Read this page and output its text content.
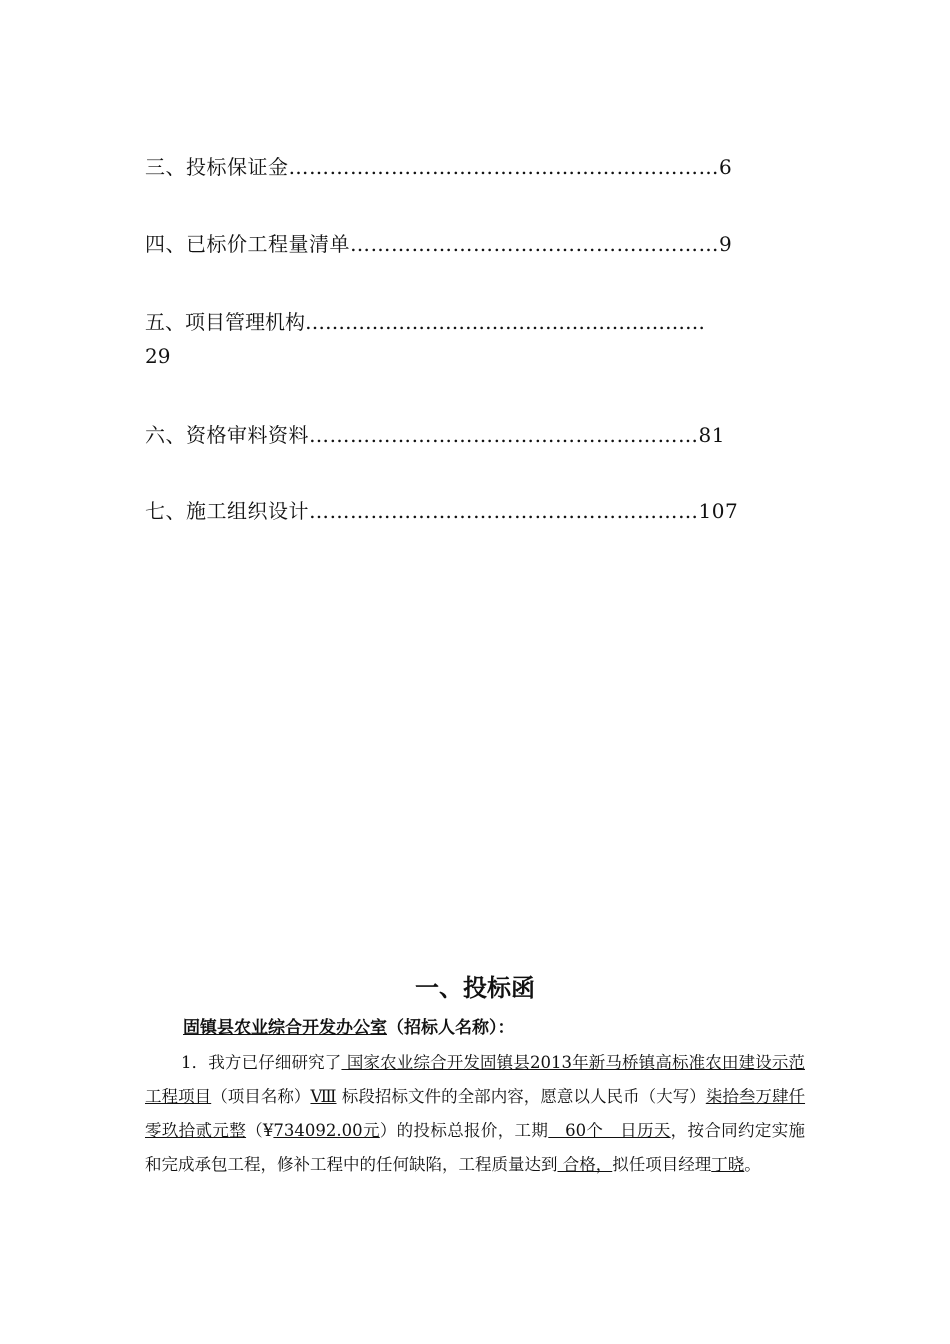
三、投标保证金………………………………………………………6
四、已标价工程量清单………………………………………………9
五、项目管理机构……………………………………………………
29
六、资格审料资料…………………………………………………81
七、施工组织设计…………………………………………………107
一、投标函
固镇县农业综合开发办公室（招标人名称）：
1．我方已仔细研究了 国家农业综合开发固镇县2013年新马桥镇高标准农田建设示范工程项目（项目名称）Ⅷ 标段招标文件的全部内容，愿意以人民币（大写）柒拾叁万肆仟零玖拾贰元整（¥734092.00元）的投标总报价，工期　60个　日历天，按合同约定实施和完成承包工程，修补工程中的任何缺陷，工程质量达到 合格，拟任项目经理丁晓。
